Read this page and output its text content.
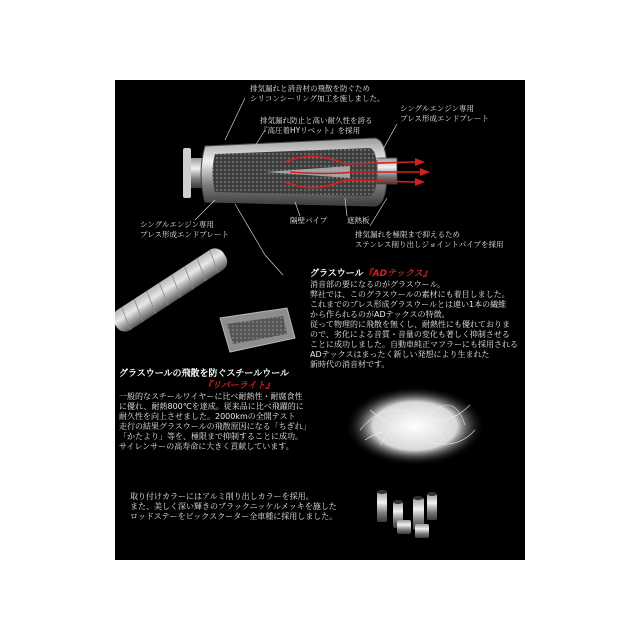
排気漏れと消音材の飛散を防ぐため
シリコンシーリング加工を施しました。
排気漏れ防止と高い耐久性を誇る
『高圧着HYリベット』を採用
シングルエンジン専用
プレス形成エンドプレート
シングルエンジン専用
プレス形成エンドプレート
隔壁パイプ	遮熱板
排気漏れを極限まで抑えるため
ステンレス削り出しジョイントパイプを採用
グラスウール『ADテックス』
消音部の要になるのがグラスウール。
弊社では、このグラスウールの素材にも着目しました。
これまでのプレス形成グラスウールとは違い1本の繊維
から作られるのがADテックスの特徴。
従って物理的に飛散を無くし、耐熱性にも優れておりま
ので、劣化による音質・音量の変化も著しく抑制させる
ことに成功しました。自動車純正マフラーにも採用される
ADテックスはまったく新しい発想により生まれた
新時代の消音材です。
グラスウールの飛散を防ぐスチールウール
『リバーライト』
一般的なスチールワイヤーに比べ耐熱性・耐腐食性
に優れ、耐熱800℃を達成。従来品に比べ飛躍的に
耐久性を向上させました。2000kmの全開テスト
走行の結果グラスウールの飛散原因になる「ちぎれ」
「かたより」等を、極限まで抑制することに成功。
サイレンサーの高寿命に大きく貢献しています。
取り付けカラーにはアルミ削り出しカラーを採用。
また、美しく深い輝きのブラックニッケルメッキを施した
ロッドステーをビックスクーター全車種に採用しました。
